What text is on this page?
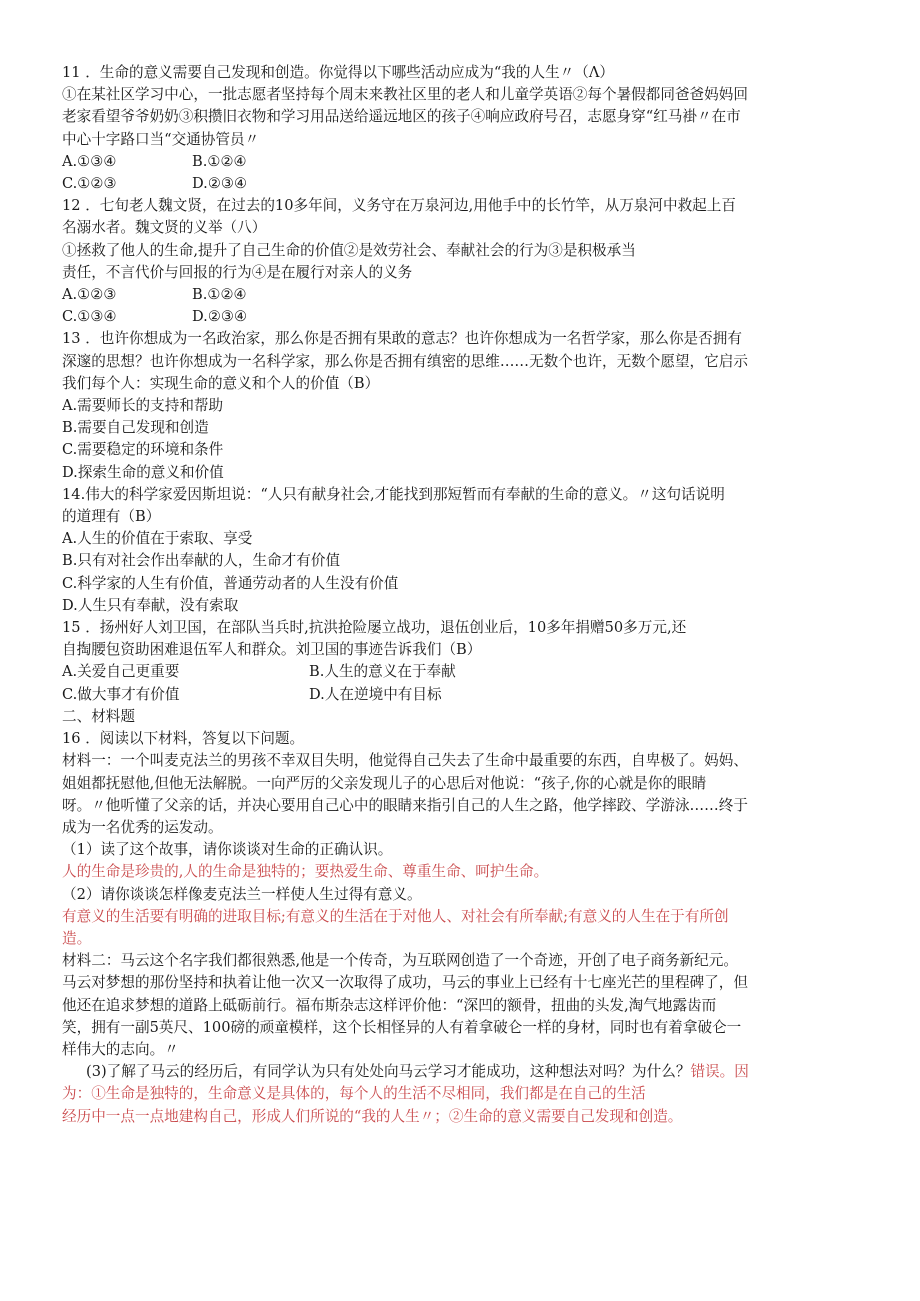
11 ．生命的意义需要自己发现和创造。你觉得以下哪些活动应成为“我的人生〃（Λ）
①在某社区学习中心，一批志愿者坚持每个周末来教社区里的老人和儿童学英语②每个暑假都同爸爸妈妈回
老家看望爷爷奶奶③积攒旧衣物和学习用品送给遥远地区的孩子④响应政府号召，志愿身穿“红马褂〃在市
中心十字路口当“交通协管员〃
A.①③④	B.①②④
C.①②③	D.②③④
12 ．七旬老人魏文贤，在过去的10多年间，义务守在万泉河边,用他手中的长竹竿，从万泉河中救起上百
名溺水者。魏文贤的义举（八）
①拯救了他人的生命,提升了自己生命的价值②是效劳社会、奉献社会的行为③是积极承当
责任，不言代价与回报的行为④是在履行对亲人的义务
A.①②③	B.①②④
C.①③④	D.②③④
13 ．也许你想成为一名政治家，那么你是否拥有果敢的意志？也许你想成为一名哲学家，那么你是否拥有
深邃的思想？也许你想成为一名科学家，那么你是否拥有缜密的思维……无数个也许，无数个愿望，它启示
我们每个人：实现生命的意义和个人的价值（B）
A.需要师长的支持和帮助
B.需要自己发现和创造
C.需要稳定的环境和条件
D.探索生命的意义和价值
14.伟大的科学家爱因斯坦说：“人只有献身社会,才能找到那短暂而有奉献的生命的意义。〃这句话说明
的道理有（B）
A.人生的价值在于索取、享受
B.只有对社会作出奉献的人，生命才有价值
C.科学家的人生有价值，普通劳动者的人生没有价值
D.人生只有奉献，没有索取
15 ．扬州好人刘卫国，在部队当兵时,抗洪抢险屡立战功，退伍创业后，10多年捐赠50多万元,还
自掏腰包资助困难退伍军人和群众。刘卫国的事迹告诉我们（B）
A.关爱自己更重要	B.人生的意义在于奉献
C.做大事才有价值	D.人在逆境中有目标
二、材料题
16 ．阅读以下材料，答复以下问题。
材料一：一个叫麦克法兰的男孩不幸双目失明，他觉得自己失去了生命中最重要的东西，自卑极了。妈妈、
姐姐都抚慰他,但他无法解脱。一向严厉的父亲发现儿子的心思后对他说：“孩子,你的心就是你的眼睛
呀。〃他听懂了父亲的话，并决心要用自己心中的眼睛来指引自己的人生之路，他学摔跤、学游泳……终于
成为一名优秀的运发动。
（1）读了这个故事，请你谈谈对生命的正确认识。
人的生命是珍贵的,人的生命是独特的；要热爱生命、尊重生命、呵护生命。
（2）请你谈谈怎样像麦克法兰一样使人生过得有意义。
有意义的生活要有明确的进取目标;有意义的生活在于对他人、对社会有所奉献;有意义的人生在于有所创
造。
材料二：马云这个名字我们都很熟悉,他是一个传奇，为互联网创造了一个奇迹，开创了电子商务新纪元。
马云对梦想的那份坚持和执着让他一次又一次取得了成功，马云的事业上已经有十七座光芒的里程碑了，但
他还在追求梦想的道路上砥砺前行。福布斯杂志这样评价他：“深凹的额骨，扭曲的头发,淘气地露齿而
笑，拥有一副5英尺、100磅的顽童模样，这个长相怪异的人有着拿破仑一样的身材，同时也有着拿破仑一
样伟大的志向。〃
(3)了解了马云的经历后，有同学认为只有处处向马云学习才能成功，这种想法对吗？为什么？错误。因
为：①生命是独特的，生命意义是具体的，每个人的生活不尽相同，我们都是在自己的生活
经历中一点一点地建构自己，形成人们所说的“我的人生〃；②生命的意义需要自己发现和创造。
